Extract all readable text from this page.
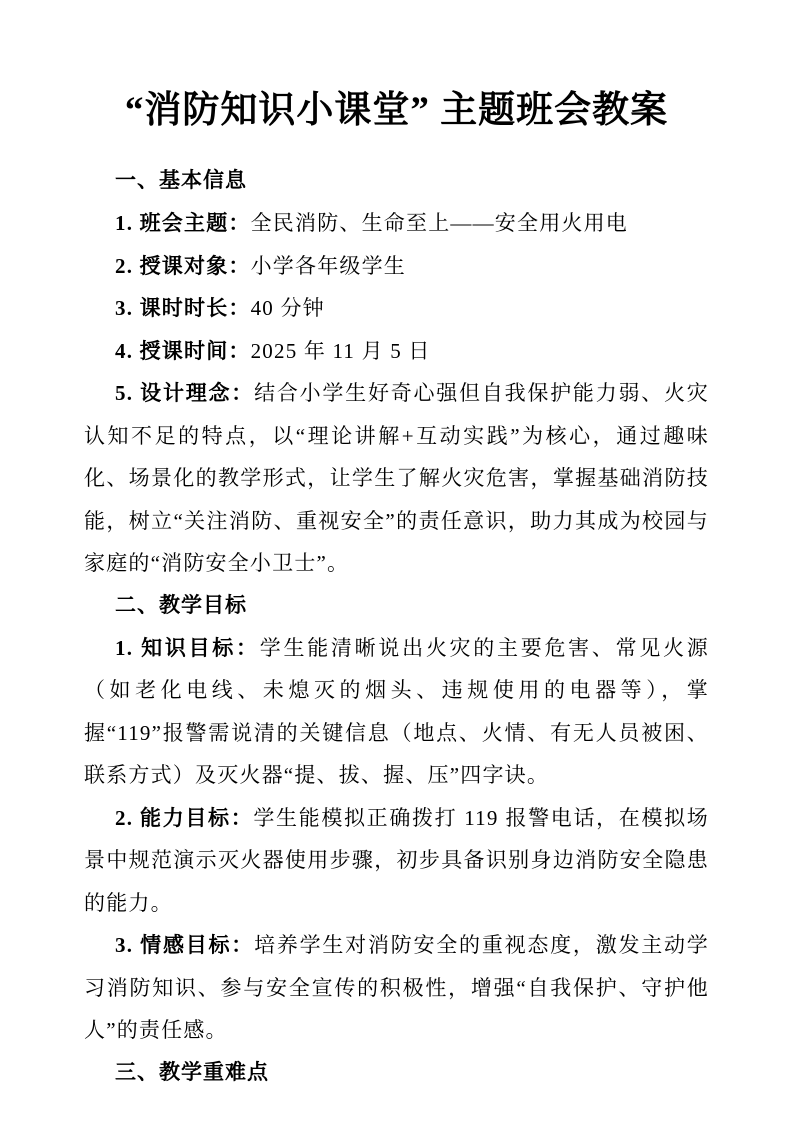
“消防知识小课堂” 主题班会教案
一、基本信息

1. 班会主题：全民消防、生命至上——安全用火用电

2. 授课对象：小学各年级学生

3. 课时时长：40 分钟

4. 授课时间：2025 年 11 月 5 日

5. 设计理念：结合小学生好奇心强但自我保护能力弱、火灾认知不足的特点，以“理论讲解+互动实践”为核心，通过趣味化、场景化的教学形式，让学生了解火灾危害，掌握基础消防技能，树立“关注消防、重视安全”的责任意识，助力其成为校园与家庭的“消防安全小卫士”。

二、教学目标

1. 知识目标：学生能清晰说出火灾的主要危害、常见火源（如老化电线、未熄灭的烟头、违规使用的电器等），掌握“119”报警需说清的关键信息（地点、火情、有无人员被困、联系方式）及灭火器“提、拔、握、压”四字诀。

2. 能力目标：学生能模拟正确拨打 119 报警电话，在模拟场景中规范演示灭火器使用步骤，初步具备识别身边消防安全隐患的能力。

3. 情感目标：培养学生对消防安全的重视态度，激发主动学习消防知识、参与安全宣传的积极性，增强“自我保护、守护他人”的责任感。

三、教学重难点
